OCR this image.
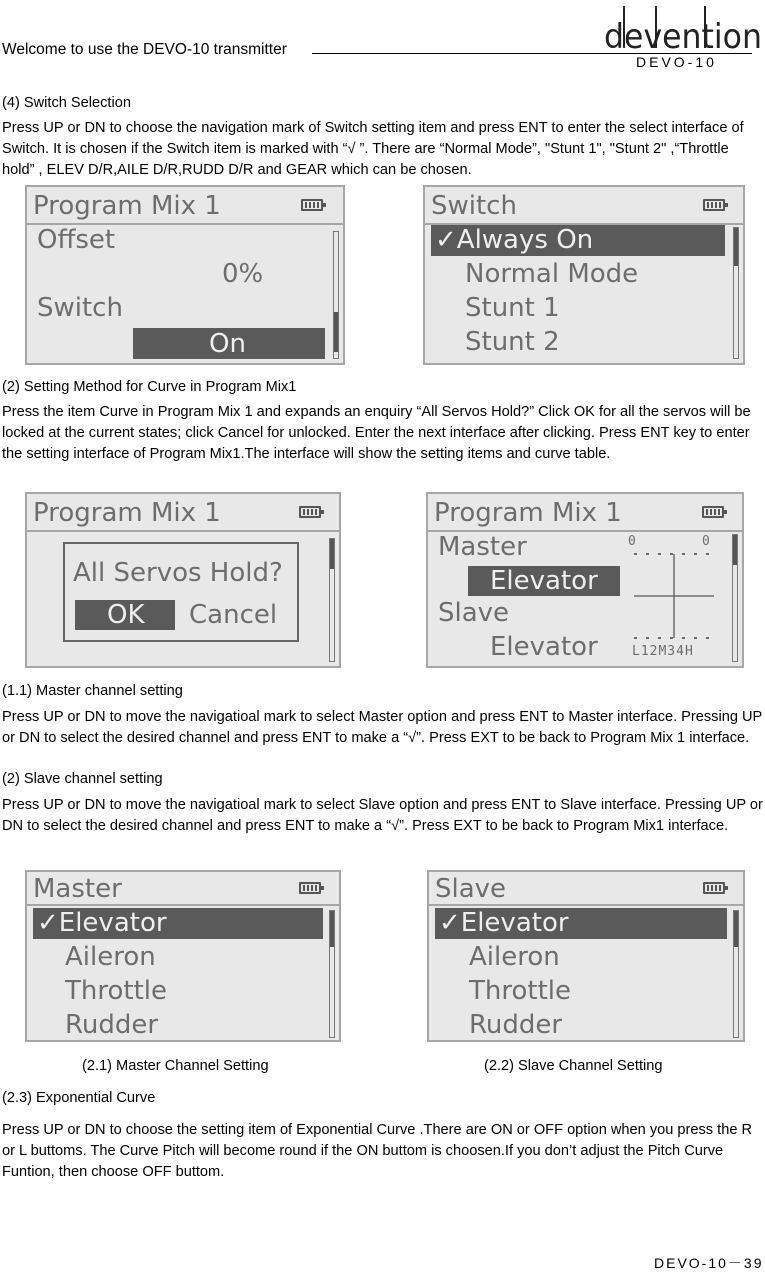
Welcome to use the DEVO-10 transmitter	devention
DEVO-10
(4) Switch Selection
Press UP or DN to choose the navigation mark of Switch setting item and press ENT to enter the select interface of Switch. It is chosen if the Switch item is marked with “√ ”. There are “Normal Mode”, "Stunt 1", "Stunt 2" ,“Throttle hold” , ELEV D/R,AILE D/R,RUDD D/R and GEAR which can be chosen.
Program Mix 1
Offset
0%
Switch
On
Switch
✓Always On
Normal Mode
Stunt 1
Stunt 2
(2) Setting Method for Curve in Program Mix1
Press the item Curve in Program Mix 1 and expands an enquiry “All Servos Hold?” Click OK for all the servos will be locked at the current states; click Cancel for unlocked. Enter the next interface after clicking. Press ENT key to enter the setting interface of Program Mix1.The interface will show the setting items and curve table.
Program Mix 1
All Servos Hold?
OK Cancel
Program Mix 1
Master
Elevator
Slave
Elevator
0	0
L12M34H
(1.1) Master channel setting
Press UP or DN to move the navigatioal mark to select Master option and press ENT to Master interface. Pressing UP or DN to select the desired channel and press ENT to make a “√”. Press EXT to be back to Program Mix 1 interface.
(2) Slave channel setting
Press UP or DN to move the navigatioal mark to select Slave option and press ENT to Slave interface. Pressing UP or DN to select the desired channel and press ENT to make a “√”. Press EXT to be back to Program Mix1 interface.
Master
✓Elevator
Aileron
Throttle
Rudder
Slave
✓Elevator
Aileron
Throttle
Rudder
(2.1) Master Channel Setting	(2.2) Slave Channel Setting
(2.3) Exponential Curve
Press UP or DN to choose the setting item of Exponential Curve .There are ON or OFF option when you press the R or L buttoms. The Curve Pitch will become round if the ON buttom is choosen.If you don’t adjust the Pitch Curve Funtion, then choose OFF buttom.
DEVO-10－39
